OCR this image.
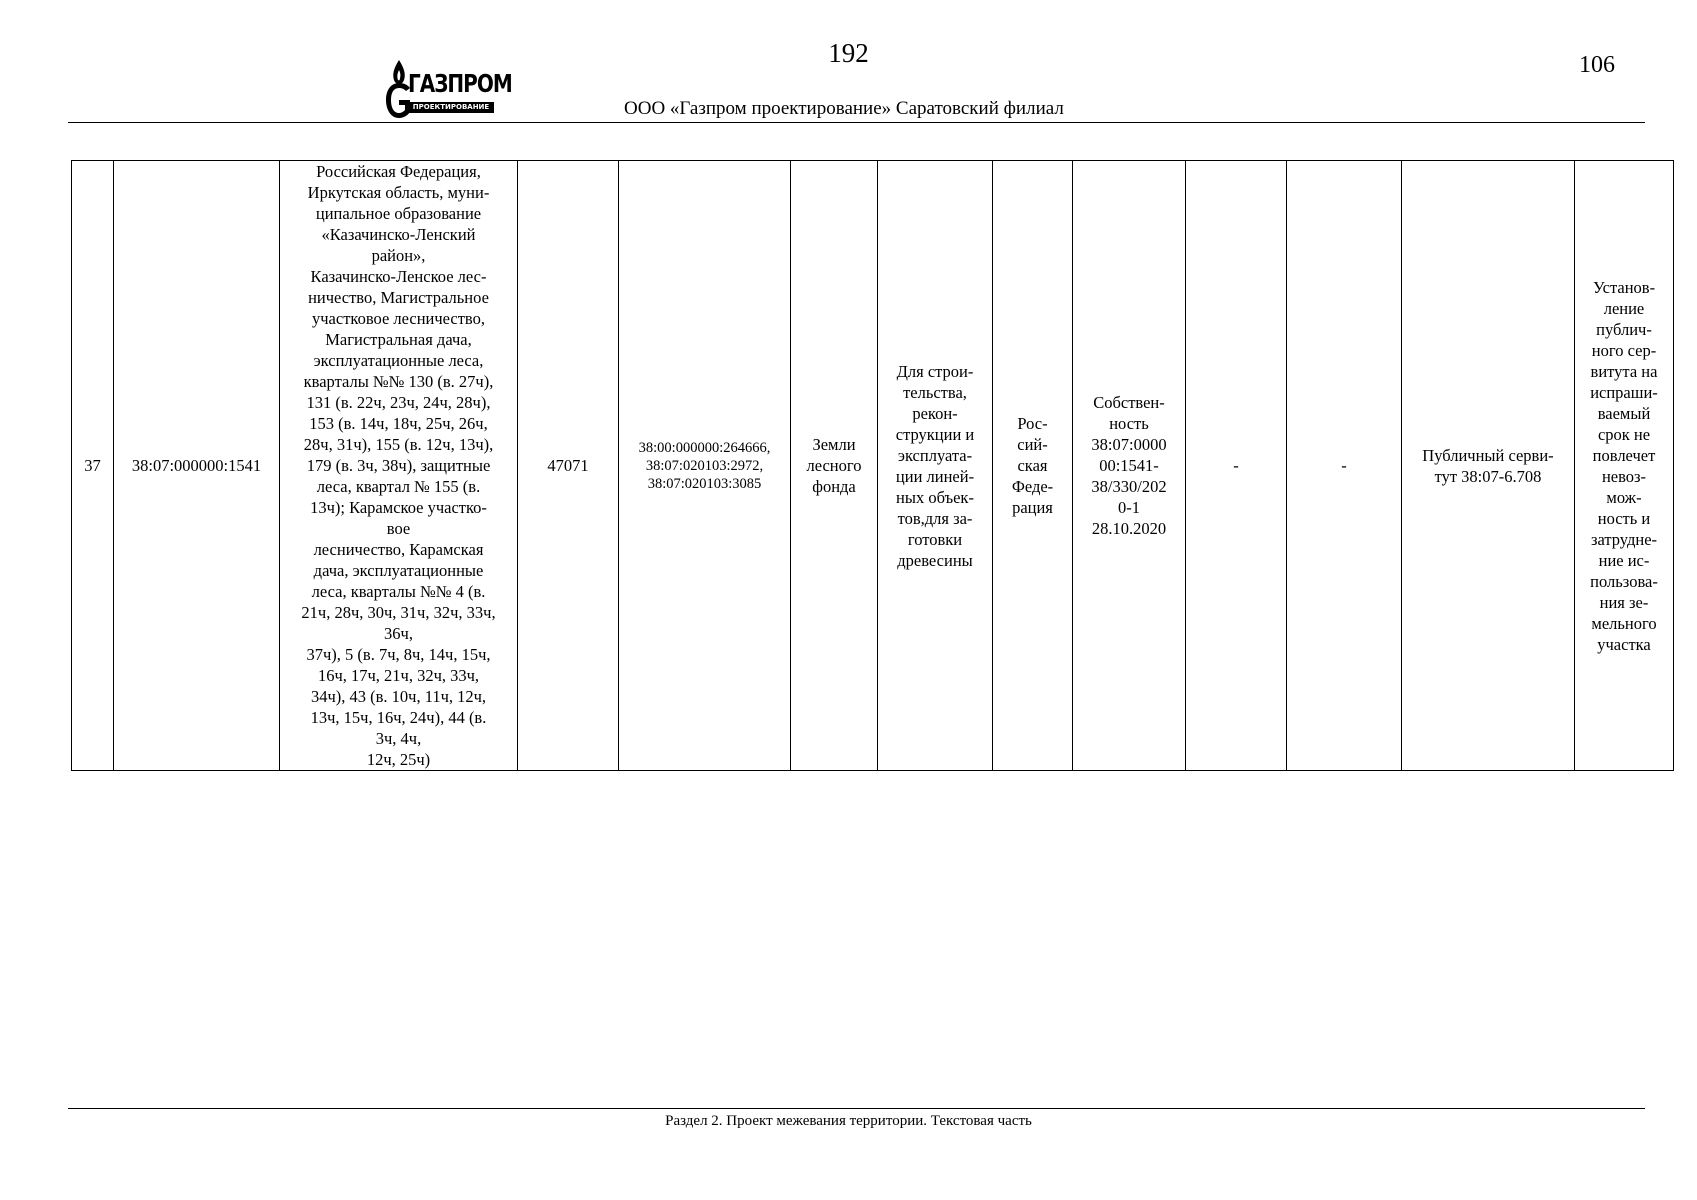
192	106
ГАЗПРОМ
ПРОЕКТИРОВАНИЕ	ООО «Газпром проектирование» Саратовский филиал
37	38:07:000000:1541	Российская Федерация,
Иркутская область, муни-
ципальное образование
«Казачинско-Ленский
район»,
Казачинско-Ленское лес-
ничество, Магистральное
участковое лесничество,
Магистральная дача,
эксплуатационные леса,
кварталы №№ 130 (в. 27ч),
131 (в. 22ч, 23ч, 24ч, 28ч),
153 (в. 14ч, 18ч, 25ч, 26ч,
28ч, 31ч), 155 (в. 12ч, 13ч),
179 (в. 3ч, 38ч), защитные
леса, квартал № 155 (в.
13ч); Карамское участко-
вое
лесничество, Карамская
дача, эксплуатационные
леса, кварталы №№ 4 (в.
21ч, 28ч, 30ч, 31ч, 32ч, 33ч,
36ч,
37ч), 5 (в. 7ч, 8ч, 14ч, 15ч,
16ч, 17ч, 21ч, 32ч, 33ч,
34ч), 43 (в. 10ч, 11ч, 12ч,
13ч, 15ч, 16ч, 24ч), 44 (в.
3ч, 4ч,
12ч, 25ч)	47071	38:00:000000:264666,
38:07:020103:2972,
38:07:020103:3085	Земли
лесного
фонда	Для строи-
тельства,
рекон-
струкции и
эксплуата-
ции линей-
ных объек-
тов,для за-
готовки
древесины	Рос-
сий-
ская
Феде-
рация	Собствен-
ность
38:07:0000
00:1541-
38/330/202
0-1
28.10.2020	-	-	Публичный серви-
тут 38:07-6.708	Установ-
ление
публич-
ного сер-
витута на
испраши-
ваемый
срок не
повлечет
невоз-
мож-
ность и
затрудне-
ние ис-
пользова-
ния зе-
мельного
участка
Раздел 2. Проект межевания территории. Текстовая часть
